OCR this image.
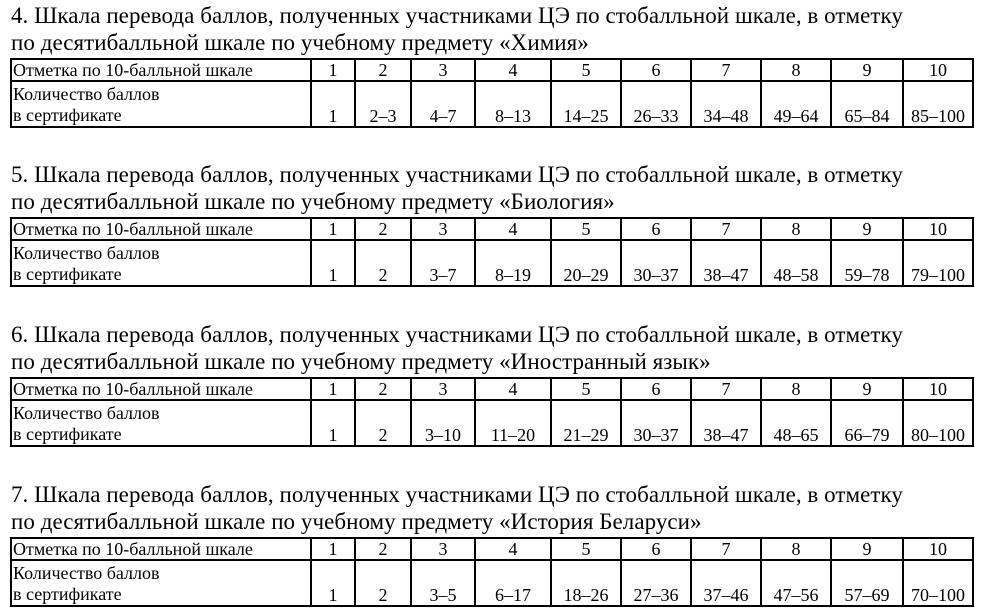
4. Шкала перевода баллов, полученных участниками ЦЭ по стобалльной шкале, в отметку
по десятибалльной шкале по учебному предмету «Химия»
Отметка по 10-балльной шкале	1	2	3	4	5	6	7	8	9	10

Количество баллов
в сертификате	1	2–3	4–7	8–13	14–25	26–33	34–48	49–64	65–84	85–100
5. Шкала перевода баллов, полученных участниками ЦЭ по стобалльной шкале, в отметку
по десятибалльной шкале по учебному предмету «Биология»
Отметка по 10-балльной шкале	1	2	3	4	5	6	7	8	9	10

Количество баллов
в сертификате	1	2	3–7	8–19	20–29	30–37	38–47	48–58	59–78	79–100
6. Шкала перевода баллов, полученных участниками ЦЭ по стобалльной шкале, в отметку
по десятибалльной шкале по учебному предмету «Иностранный язык»
Отметка по 10-балльной шкале	1	2	3	4	5	6	7	8	9	10

Количество баллов
в сертификате	1	2	3–10	11–20	21–29	30–37	38–47	48–65	66–79	80–100
7. Шкала перевода баллов, полученных участниками ЦЭ по стобалльной шкале, в отметку
по десятибалльной шкале по учебному предмету «История Беларуси»
Отметка по 10-балльной шкале	1	2	3	4	5	6	7	8	9	10

Количество баллов
в сертификате	1	2	3–5	6–17	18–26	27–36	37–46	47–56	57–69	70–100
